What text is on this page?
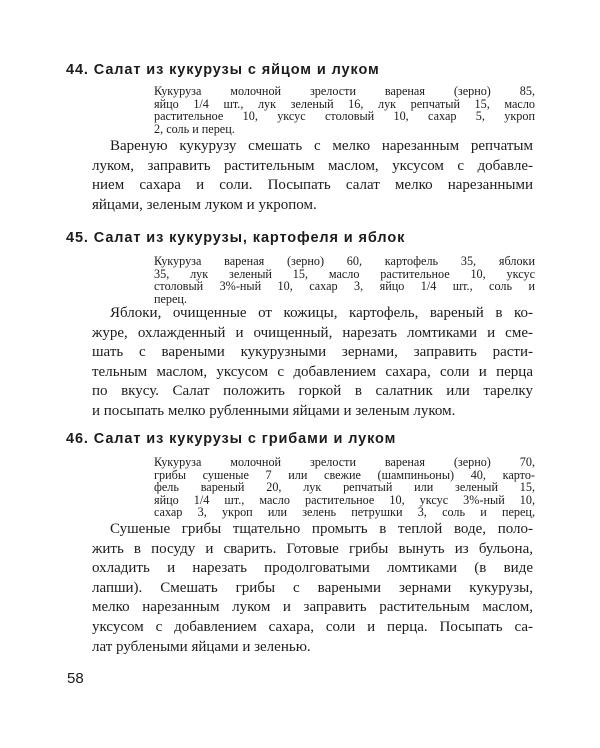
44. Салат из кукурузы с яйцом и луком
Кукуруза молочной зрелости вареная (зерно) 85,
яйцо 1/4 шт., лук зеленый 16, лук репчатый 15, масло
растительное 10, уксус столовый 10, сахар 5, укроп
2, соль и перец.
Вареную кукурузу смешать с мелко нарезанным репчатым
луком, заправить растительным маслом, уксусом с добавле-
нием сахара и соли. Посыпать салат мелко нарезанными
яйцами, зеленым луком и укропом.
45. Салат из кукурузы, картофеля и яблок
Кукуруза вареная (зерно) 60, картофель 35, яблоки
35, лук зеленый 15, масло растительное 10, уксус
столовый 3%-ный 10, сахар 3, яйцо 1/4 шт., соль и
перец.
Яблоки, очищенные от кожицы, картофель, вареный в ко-
журе, охлажденный и очищенный, нарезать ломтиками и сме-
шать с вареными кукурузными зернами, заправить расти-
тельным маслом, уксусом с добавлением сахара, соли и перца
по вкусу. Салат положить горкой в салатник или тарелку
и посыпать мелко рубленными яйцами и зеленым луком.
46. Салат из кукурузы с грибами и луком
Кукуруза молочной зрелости вареная (зерно) 70,
грибы сушеные 7 или свежие (шампиньоны) 40, карто-
фель вареный 20, лук репчатый или зеленый 15,
яйцо 1/4 шт., масло растительное 10, уксус 3%-ный 10,
сахар 3, укроп или зелень петрушки 3, соль и перец,
Сушеные грибы тщательно промыть в теплой воде, поло-
жить в посуду и сварить. Готовые грибы вынуть из бульона,
охладить и нарезать продолговатыми ломтиками (в виде
лапши). Смешать грибы с вареными зернами кукурузы,
мелко нарезанным луком и заправить растительным маслом,
уксусом с добавлением сахара, соли и перца. Посыпать са-
лат рублеными яйцами и зеленью.
58
